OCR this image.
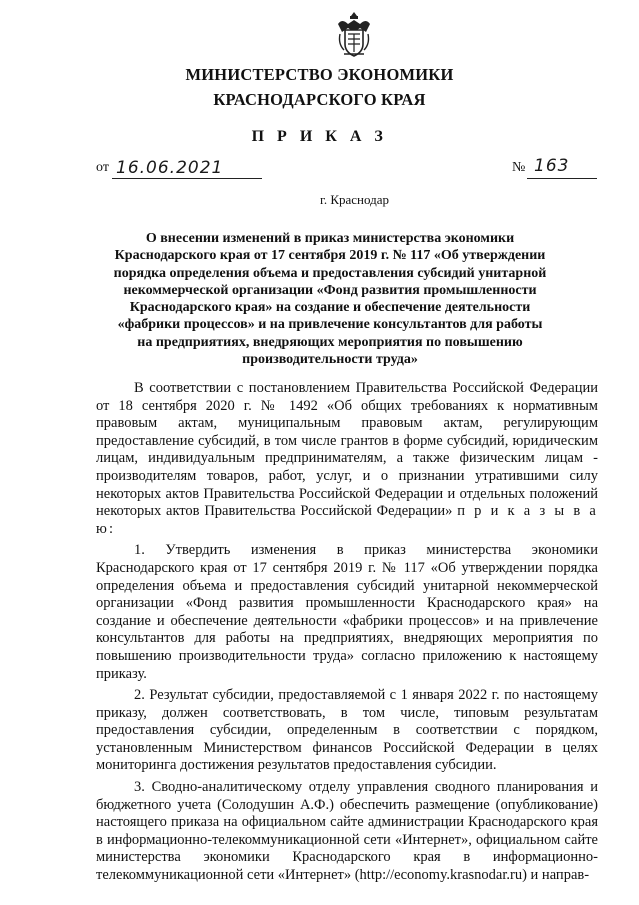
МИНИСТЕРСТВО ЭКОНОМИКИ
КРАСНОДАРСКОГО КРАЯ
П Р И К А З
от 16.06.2021	№ 163
г. Краснодар
О внесении изменений в приказ министерства экономики Краснодарского края от 17 сентября 2019 г. № 117 «Об утверждении порядка определения объема и предоставления субсидий унитарной некоммерческой организации «Фонд развития промышленности Краснодарского края» на создание и обеспечение деятельности «фабрики процессов» и на привлечение консультантов для работы на предприятиях, внедряющих мероприятия по повышению производительности труда»

В соответствии с постановлением Правительства Российской Федерации от 18 сентября 2020 г. № 1492 «Об общих требованиях к нормативным правовым актам, муниципальным правовым актам, регулирующим предоставление субсидий, в том числе грантов в форме субсидий, юридическим лицам, индивидуальным предпринимателям, а также физическим лицам - производителям товаров, работ, услуг, и о признании утратившими силу некоторых актов Правительства Российской Федерации и отдельных положений некоторых актов Правительства Российской Федерации» п р и к а з ы в а ю:

1. Утвердить изменения в приказ министерства экономики Краснодарского края от 17 сентября 2019 г. № 117 «Об утверждении порядка определения объема и предоставления субсидий унитарной некоммерческой организации «Фонд развития промышленности Краснодарского края» на создание и обеспечение деятельности «фабрики процессов» и на привлечение консультантов для работы на предприятиях, внедряющих мероприятия по повышению производительности труда» согласно приложению к настоящему приказу.

2. Результат субсидии, предоставляемой с 1 января 2022 г. по настоящему приказу, должен соответствовать, в том числе, типовым результатам предоставления субсидии, определенным в соответствии с порядком, установленным Министерством финансов Российской Федерации в целях мониторинга достижения результатов предоставления субсидии.

3. Сводно-аналитическому отделу управления сводного планирования и бюджетного учета (Солодушин А.Ф.) обеспечить размещение (опубликование) настоящего приказа на официальном сайте администрации Краснодарского края в информационно-телекоммуникационной сети «Интернет», официальном сайте министерства экономики Краснодарского края в информационно-телекоммуникационной сети «Интернет» (http://economy.krasnodar.ru) и направ-
